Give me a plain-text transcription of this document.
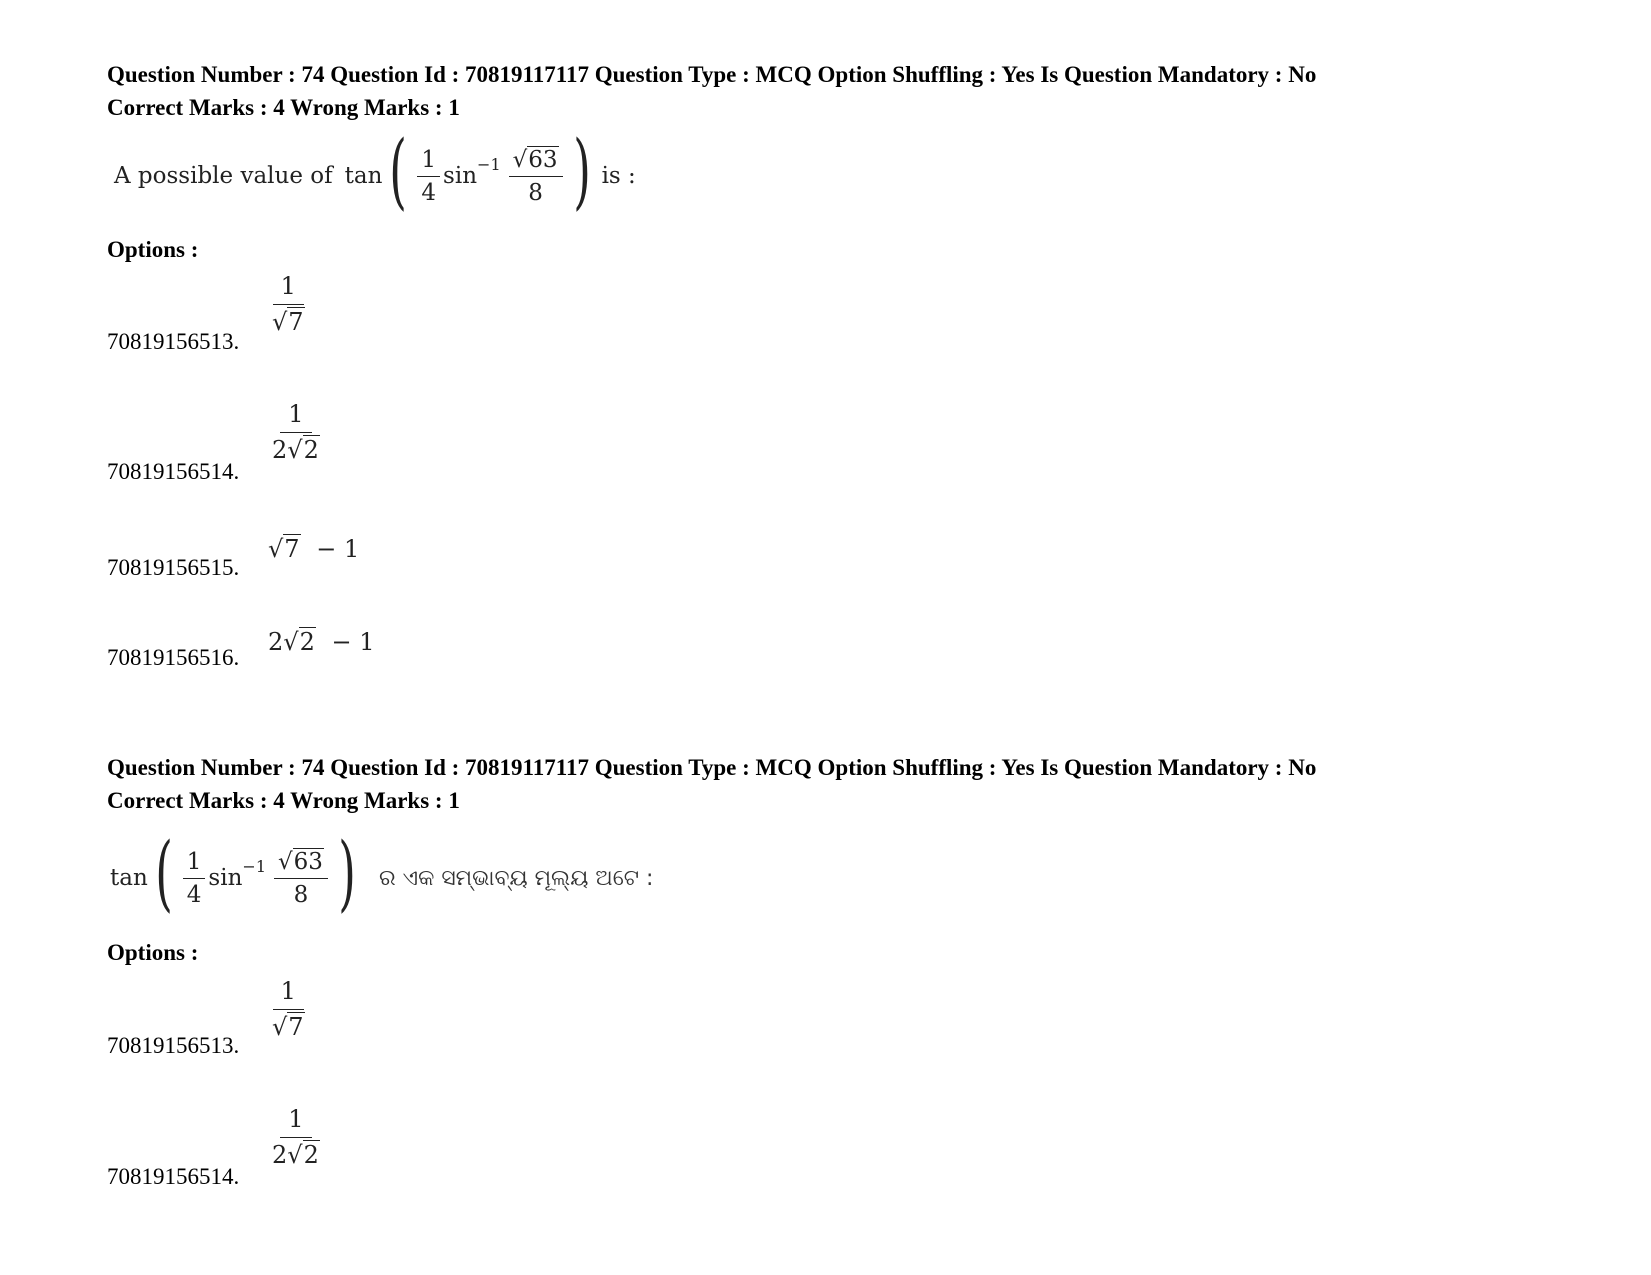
Question Number : 74 Question Id : 70819117117 Question Type : MCQ Option Shuffling : Yes Is Question Mandatory : No
Correct Marks : 4 Wrong Marks : 1
A possible value of tan ( $\frac{1}{4}$ $\sin -1 \frac{√63}{8}$ ) is :
Options :
70819156513.
$\frac{1}{√7}$
70819156514.
$\frac{1}{2√2}$
70819156515.
√7 − 1
70819156516.
2√2 − 1
Question Number : 74 Question Id : 70819117117 Question Type : MCQ Option Shuffling : Yes Is Question Mandatory : No
Correct Marks : 4 Wrong Marks : 1
tan ( $\frac{1}{4}$ $\sin -1 \frac{√63}{8}$ ) ର ଏକ ସମ୍ଭାବ୍ୟ ମୂଲ୍ୟ ଅଟେ :
Options :
70819156513.
$\frac{1}{√7}$
70819156514.
$\frac{1}{2√2}$
